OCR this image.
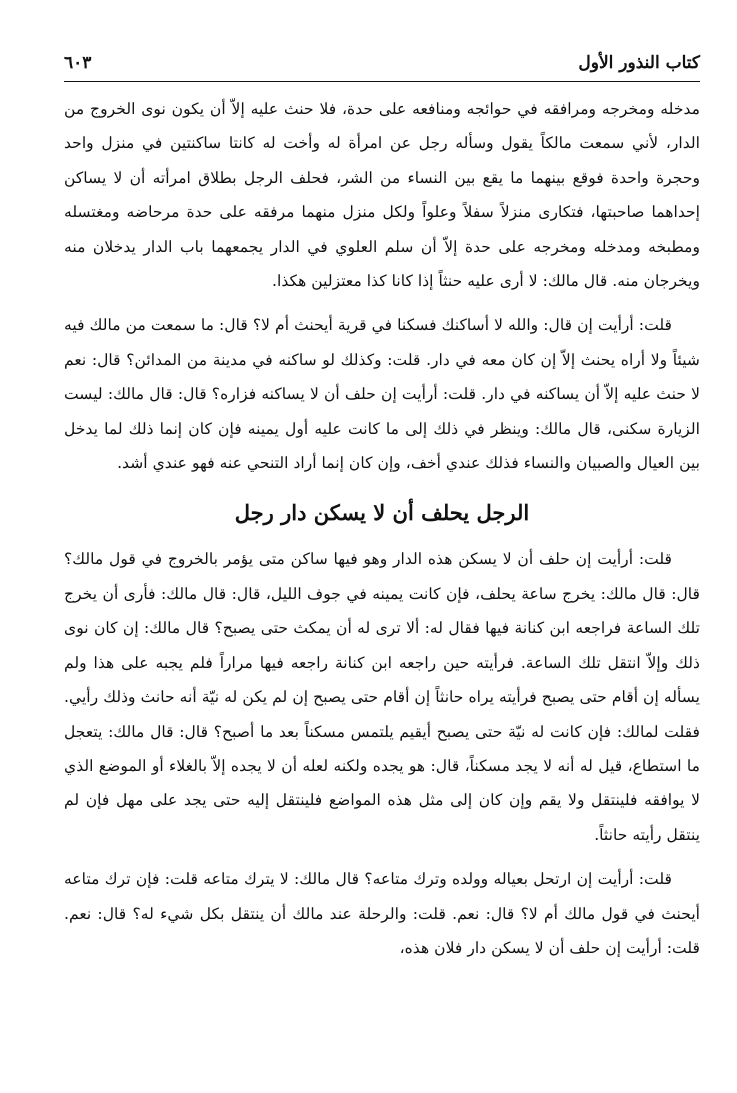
كتاب النذور الأول
٦٠٣

مدخله ومخرجه ومرافقه في حوائجه ومنافعه على حدة، فلا حنث عليه إلاّ أن يكون نوى الخروج من الدار، لأني سمعت مالكاً يقول وسأله رجل عن امرأة له وأخت له كانتا ساكنتين في منزل واحد وحجرة واحدة فوقع بينهما ما يقع بين النساء من الشر، فحلف الرجل بطلاق امرأته أن لا يساكن إحداهما صاحبتها، فتكارى منزلاً سفلاً وعلواً ولكل منزل منهما مرفقه على حدة مرحاضه ومغتسله ومطبخه ومدخله ومخرجه على حدة إلاّ أن سلم العلوي في الدار يجمعهما باب الدار يدخلان منه ويخرجان منه. قال مالك: لا أرى عليه حنثاً إذا كانا كذا معتزلين هكذا.

قلت: أرأيت إن قال: والله لا أساكنك فسكنا في قرية أيحنث أم لا؟ قال: ما سمعت من مالك فيه شيئاً ولا أراه يحنث إلاّ إن كان معه في دار. قلت: وكذلك لو ساكنه في مدينة من المدائن؟ قال: نعم لا حنث عليه إلاّ أن يساكنه في دار. قلت: أرأيت إن حلف أن لا يساكنه فزاره؟ قال: قال مالك: ليست الزيارة سكنى، قال مالك: وينظر في ذلك إلى ما كانت عليه أول يمينه فإن كان إنما ذلك لما يدخل بين العيال والصبيان والنساء فذلك عندي أخف، وإن كان إنما أراد التنحي عنه فهو عندي أشد.

الرجل يحلف أن لا يسكن دار رجل

قلت: أرأيت إن حلف أن لا يسكن هذه الدار وهو فيها ساكن متى يؤمر بالخروج في قول مالك؟ قال: قال مالك: يخرج ساعة يحلف، فإن كانت يمينه في جوف الليل، قال: قال مالك: فأرى أن يخرج تلك الساعة فراجعه ابن كنانة فيها فقال له: ألا ترى له أن يمكث حتى يصبح؟ قال مالك: إن كان نوى ذلك وإلاّ انتقل تلك الساعة. فرأيته حين راجعه ابن كنانة راجعه فيها مراراً فلم يجبه على هذا ولم يسأله إن أقام حتى يصبح فرأيته يراه حانثاً إن أقام حتى يصبح إن لم يكن له نيّة أنه حانث وذلك رأيي. فقلت لمالك: فإن كانت له نيّة حتى يصبح أيقيم يلتمس مسكناً بعد ما أصبح؟ قال: قال مالك: يتعجل ما استطاع، قيل له أنه لا يجد مسكناً، قال: هو يجده ولكنه لعله أن لا يجده إلاّ بالغلاء أو الموضع الذي لا يوافقه فلينتقل ولا يقم وإن كان إلى مثل هذه المواضع فلينتقل إليه حتى يجد على مهل فإن لم ينتقل رأيته حانثاً.

قلت: أرأيت إن ارتحل بعياله وولده وترك متاعه؟ قال مالك: لا يترك متاعه قلت: فإن ترك متاعه أيحنث في قول مالك أم لا؟ قال: نعم. قلت: والرحلة عند مالك أن ينتقل بكل شيء له؟ قال: نعم. قلت: أرأيت إن حلف أن لا يسكن دار فلان هذه،
